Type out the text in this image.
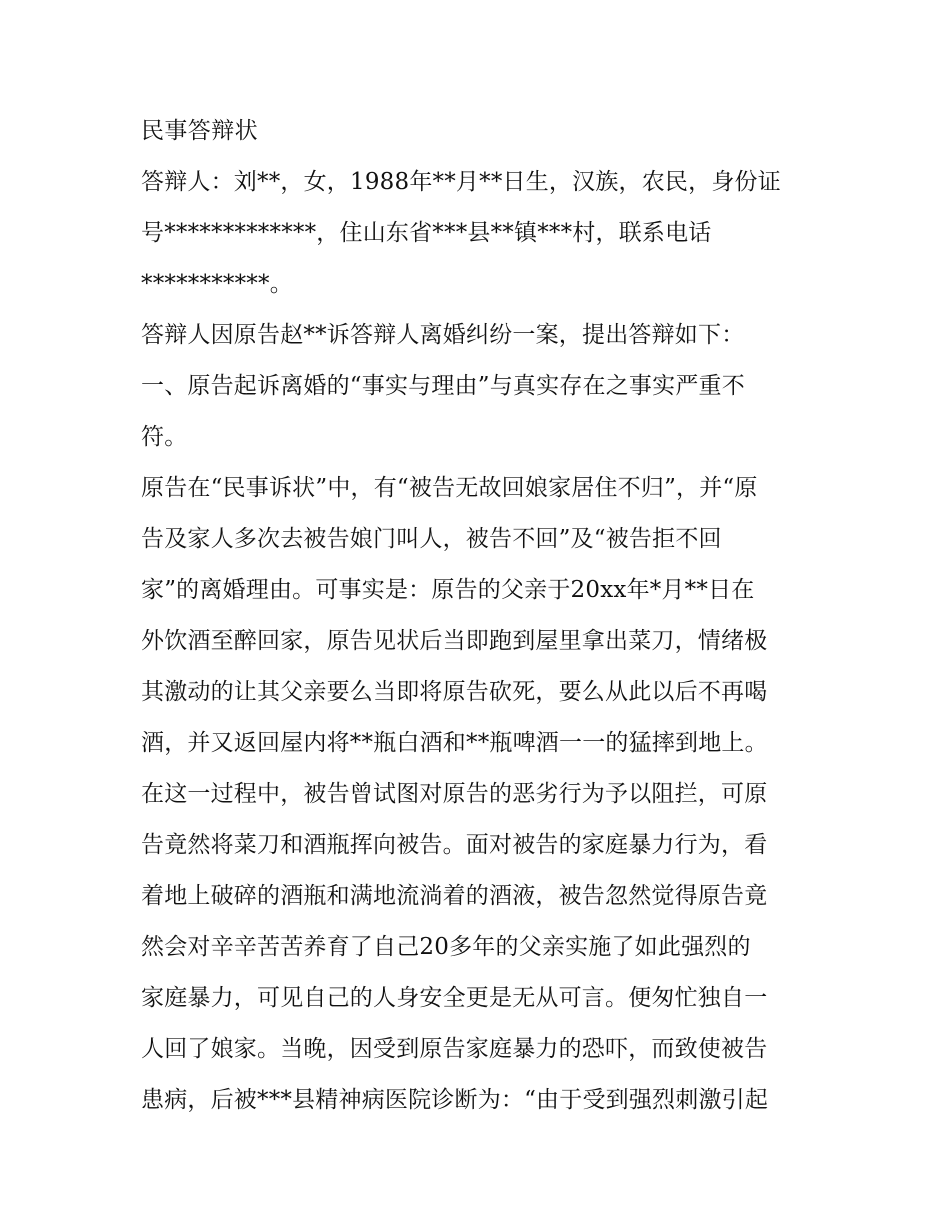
民事答辩状
答辩人：刘**，女，1988年**月**日生，汉族，农民，身份证
号*************，住山东省***县**镇***村，联系电话
***********。
答辩人因原告赵**诉答辩人离婚纠纷一案，提出答辩如下：
一、原告起诉离婚的“事实与理由”与真实存在之事实严重不
符。
原告在“民事诉状”中，有“被告无故回娘家居住不归”，并“原
告及家人多次去被告娘门叫人，被告不回”及“被告拒不回
家”的离婚理由。可事实是：原告的父亲于20xx年*月**日在
外饮酒至醉回家，原告见状后当即跑到屋里拿出菜刀，情绪极
其激动的让其父亲要么当即将原告砍死，要么从此以后不再喝
酒，并又返回屋内将**瓶白酒和**瓶啤酒一一的猛摔到地上。
在这一过程中，被告曾试图对原告的恶劣行为予以阻拦，可原
告竟然将菜刀和酒瓶挥向被告。面对被告的家庭暴力行为，看
着地上破碎的酒瓶和满地流淌着的酒液，被告忽然觉得原告竟
然会对辛辛苦苦养育了自己20多年的父亲实施了如此强烈的
家庭暴力，可见自己的人身安全更是无从可言。便匆忙独自一
人回了娘家。当晚，因受到原告家庭暴力的恐吓，而致使被告
患病，后被***县精神病医院诊断为：“由于受到强烈刺激引起
